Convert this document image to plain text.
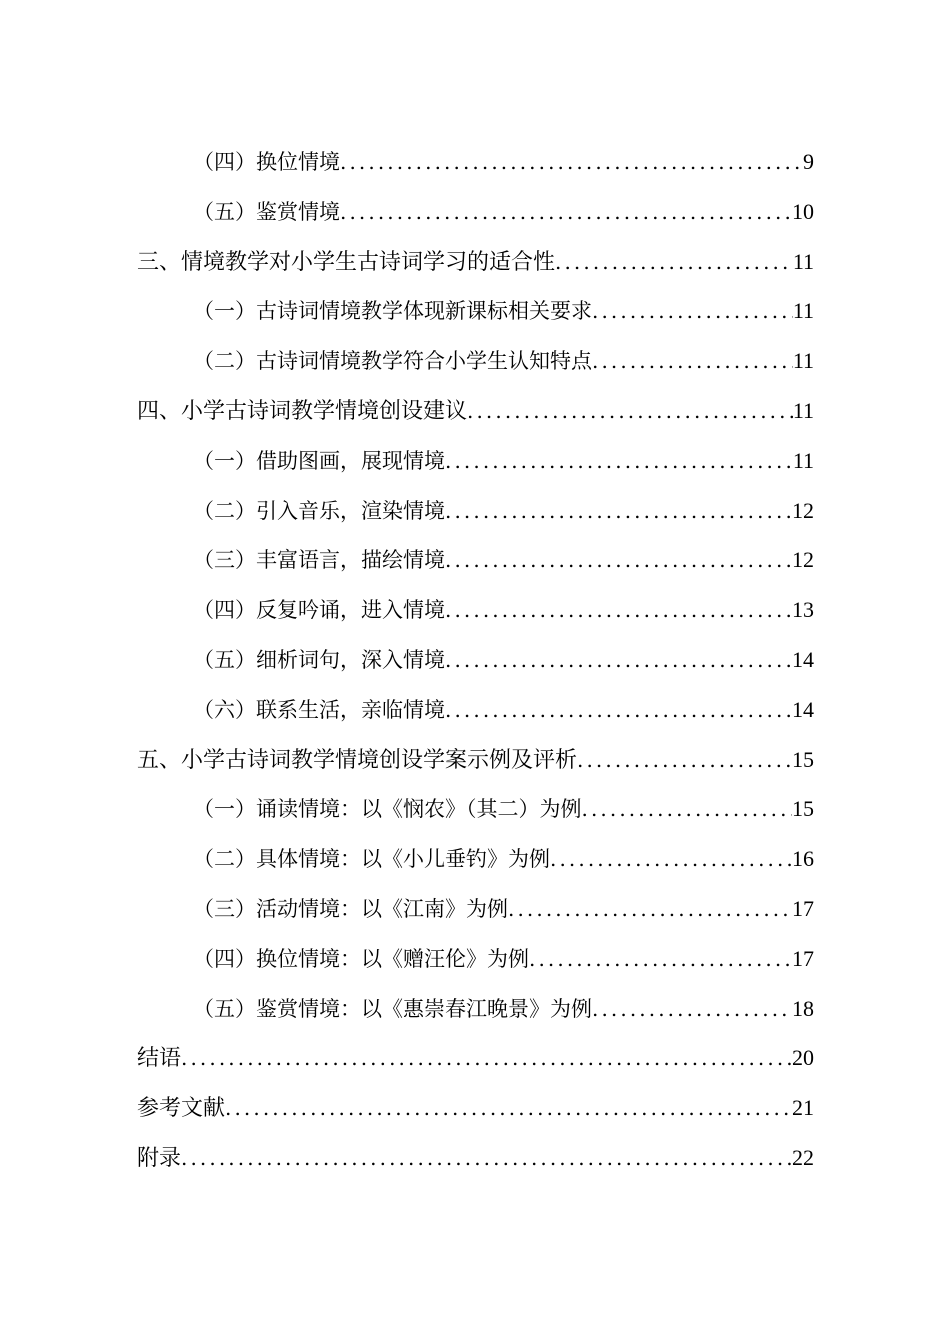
（四）换位情境 .....	9
（五）鉴赏情境 .....	10
三、情境教学对小学生古诗词学习的适合性 .....	11
（一）古诗词情境教学体现新课标相关要求 .....	11
（二）古诗词情境教学符合小学生认知特点 .....	11
四、小学古诗词教学情境创设建议 .....	11
（一）借助图画，展现情境 .....	11
（二）引入音乐，渲染情境 .....	12
（三）丰富语言，描绘情境 .....	12
（四）反复吟诵，进入情境 .....	13
（五）细析词句，深入情境 .....	14
（六）联系生活，亲临情境 .....	14
五、小学古诗词教学情境创设学案示例及评析 .....	15
（一）诵读情境：以《悯农》（其二）为例 .....	15
（二）具体情境：以《小儿垂钓》为例 .....	16
（三）活动情境：以《江南》为例 .....	17
（四）换位情境：以《赠汪伦》为例 .....	17
（五）鉴赏情境：以《惠崇春江晚景》为例 .....	18
结语 .....	20
参考文献 .....	21
附录 .....	22
